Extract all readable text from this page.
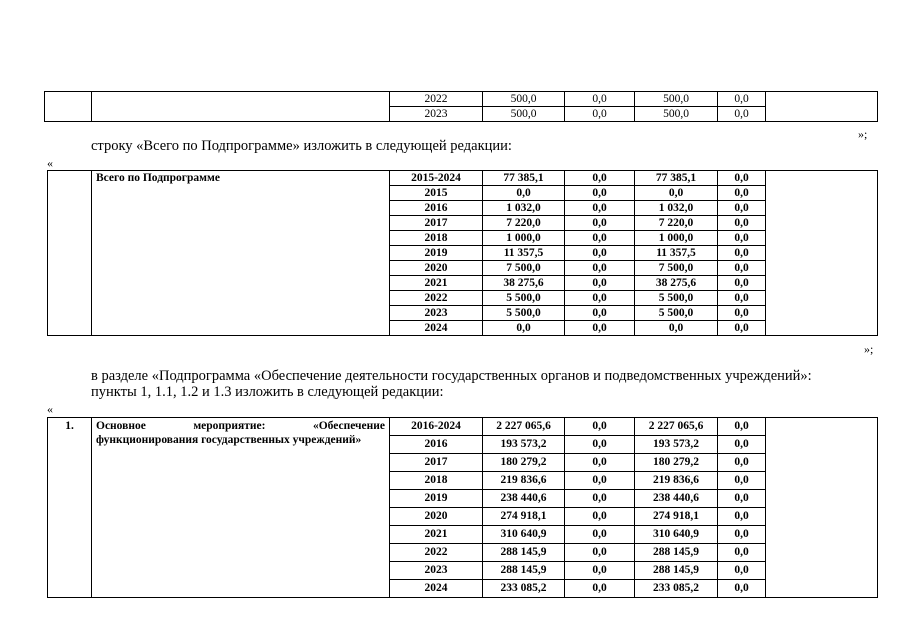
		2022	500,0	0,0	500,0	0,0	
		2023	500,0	0,0	500,0	0,0	
»;
строку «Всего по Подпрограмме» изложить в следующей редакции:
«
	Всего по Подпрограмме	2015-2024	77 385,1	0,0	77 385,1	0,0	
		2015	0,0	0,0	0,0	0,0	
		2016	1 032,0	0,0	1 032,0	0,0	
		2017	7 220,0	0,0	7 220,0	0,0	
		2018	1 000,0	0,0	1 000,0	0,0	
		2019	11 357,5	0,0	11 357,5	0,0	
		2020	7 500,0	0,0	7 500,0	0,0	
		2021	38 275,6	0,0	38 275,6	0,0	
		2022	5 500,0	0,0	5 500,0	0,0	
		2023	5 500,0	0,0	5 500,0	0,0	
		2024	0,0	0,0	0,0	0,0	
»;
в разделе «Подпрограмма «Обеспечение деятельности государственных органов и подведомственных учреждений»:
пункты 1, 1.1, 1.2 и 1.3 изложить в следующей редакции:
«
1.	Основное мероприятие: «Обеспечение функционирования государственных учреждений»	2016-2024	2 227 065,6	0,0	2 227 065,6	0,0	
		2016	193 573,2	0,0	193 573,2	0,0	
		2017	180 279,2	0,0	180 279,2	0,0	
		2018	219 836,6	0,0	219 836,6	0,0	
		2019	238 440,6	0,0	238 440,6	0,0	
		2020	274 918,1	0,0	274 918,1	0,0	
		2021	310 640,9	0,0	310 640,9	0,0	
		2022	288 145,9	0,0	288 145,9	0,0	
		2023	288 145,9	0,0	288 145,9	0,0	
		2024	233 085,2	0,0	233 085,2	0,0	
